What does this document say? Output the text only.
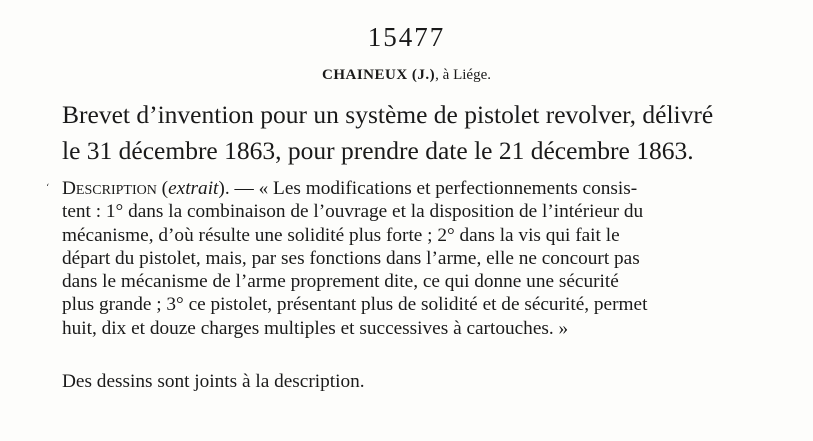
15477
CHAINEUX (J.), à Liége.
Brevet d’invention pour un système de pistolet revolver, délivré
le 31 décembre 1863, pour prendre date le 21 décembre 1863.
ʻ Description (extrait). — « Les modifications et perfectionnements consis-
tent : 1° dans la combinaison de l’ouvrage et la disposition de l’intérieur du
mécanisme, d’où résulte une solidité plus forte ; 2° dans la vis qui fait le
départ du pistolet, mais, par ses fonctions dans l’arme, elle ne concourt pas
dans le mécanisme de l’arme proprement dite, ce qui donne une sécurité
plus grande ; 3° ce pistolet, présentant plus de solidité et de sécurité, permet
huit, dix et douze charges multiples et successives à cartouches. »
Des dessins sont joints à la description.
